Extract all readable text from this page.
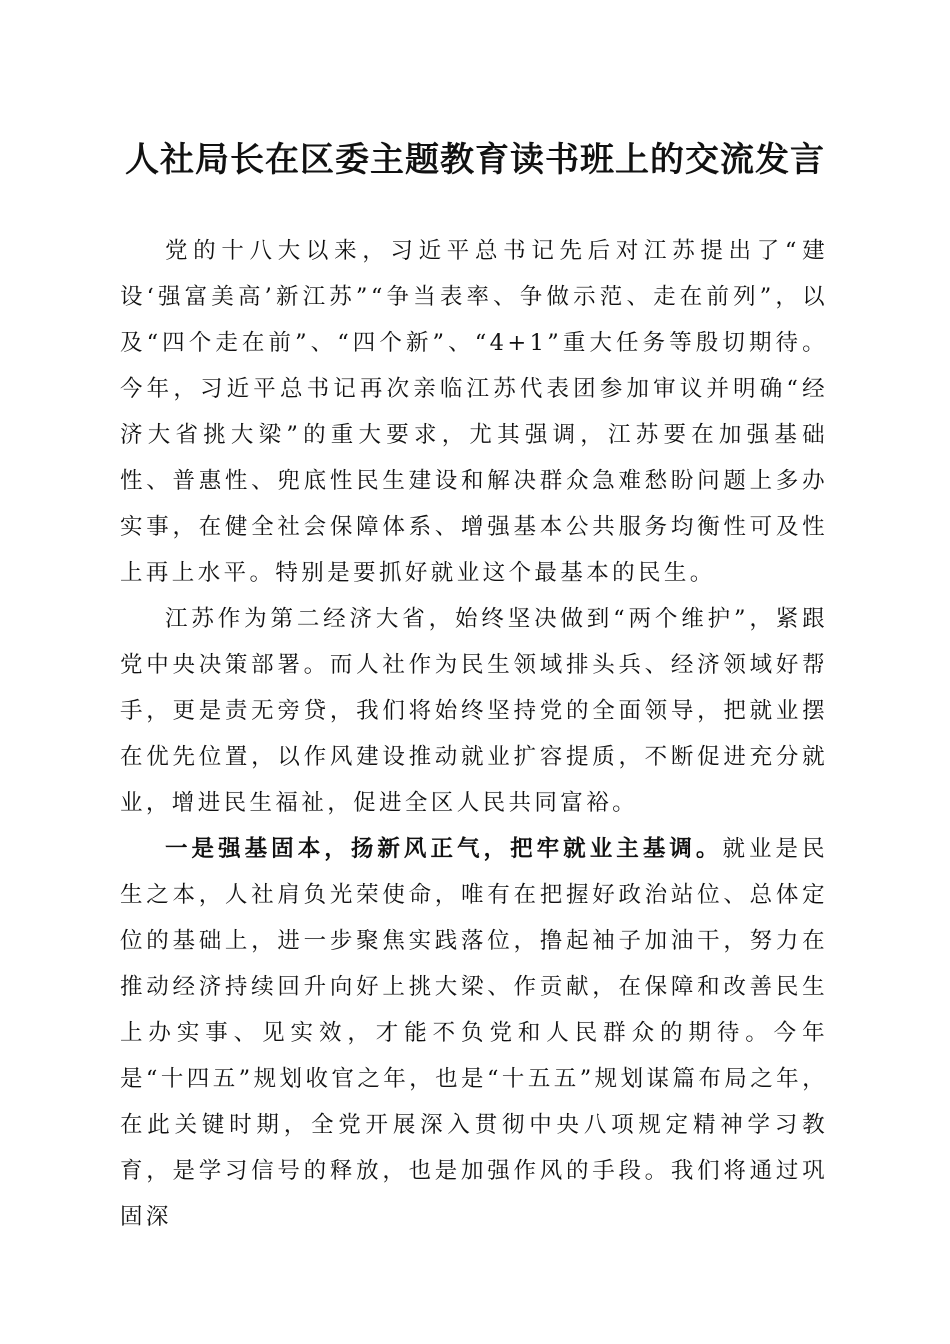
人社局长在区委主题教育读书班上的交流发言

党的十八大以来，习近平总书记先后对江苏提出了“建设‘强富美高’新江苏”“争当表率、争做示范、走在前列”，以及“四个走在前”、“四个新”、“4+1”重大任务等殷切期待。今年，习近平总书记再次亲临江苏代表团参加审议并明确“经济大省挑大梁”的重大要求，尤其强调，江苏要在加强基础性、普惠性、兜底性民生建设和解决群众急难愁盼问题上多办实事，在健全社会保障体系、增强基本公共服务均衡性可及性上再上水平。特别是要抓好就业这个最基本的民生。

江苏作为第二经济大省，始终坚决做到“两个维护”，紧跟党中央决策部署。而人社作为民生领域排头兵、经济领域好帮手，更是责无旁贷，我们将始终坚持党的全面领导，把就业摆在优先位置，以作风建设推动就业扩容提质，不断促进充分就业，增进民生福祉，促进全区人民共同富裕。

一是强基固本，扬新风正气，把牢就业主基调。就业是民生之本，人社肩负光荣使命，唯有在把握好政治站位、总体定位的基础上，进一步聚焦实践落位，撸起袖子加油干，努力在推动经济持续回升向好上挑大梁、作贡献，在保障和改善民生上办实事、见实效，才能不负党和人民群众的期待。今年是“十四五”规划收官之年，也是“十五五”规划谋篇布局之年，在此关键时期，全党开展深入贯彻中央八项规定精神学习教育，是学习信号的释放，也是加强作风的手段。我们将通过巩固深
